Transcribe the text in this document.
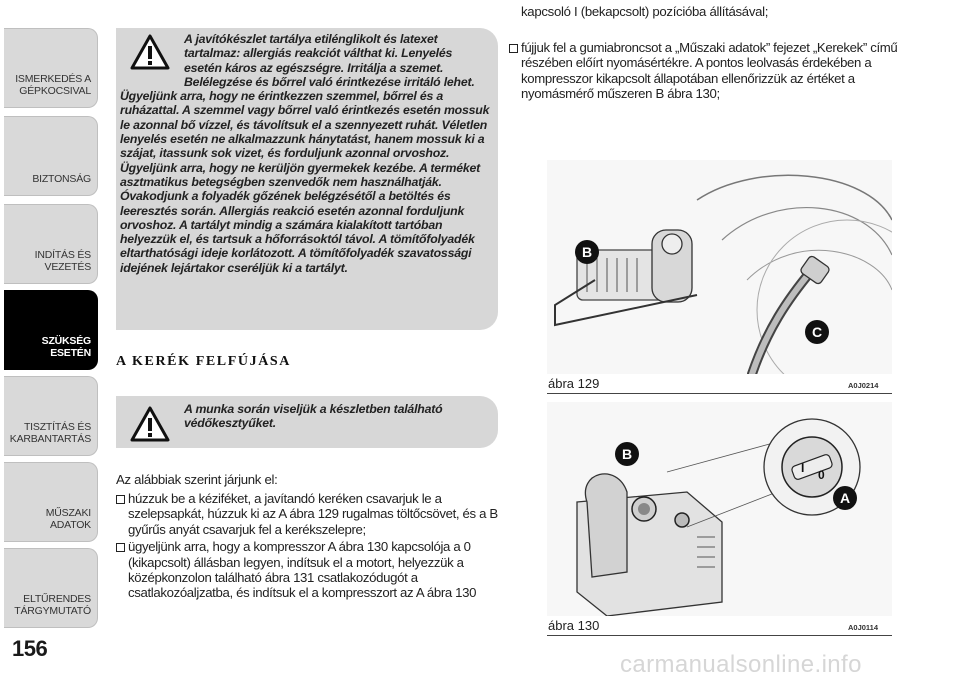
ISMERKEDÉS A
GÉPKOCSIVAL
BIZTONSÁG
INDÍTÁS ÉS VEZETÉS
SZÜKSÉG ESETÉN
TISZTÍTÁS ÉS
KARBANTARTÁS
MŰSZAKI ADATOK
ELTŰRENDES
TÁRGYMUTATÓ
156
A javítókészlet tartálya etilénglikolt és latexet tartalmaz: allergiás reakciót válthat ki. Lenyelés esetén káros az egészségre. Irritálja a szemet. Belélegzése és bőrrel való érintkezése irritáló lehet. Ügyeljünk arra, hogy ne érintkezzen szemmel, bőrrel és a ruházattal. A szemmel vagy bőrrel való érintkezés esetén mossuk le azonnal bő vízzel, és távolítsuk el a szennyezett ruhát. Véletlen lenyelés esetén ne alkalmazzunk hánytatást, hanem mossuk ki a szájat, itassunk sok vizet, és forduljunk azonnal orvoshoz. Ügyeljünk arra, hogy ne kerüljön gyermekek kezébe. A terméket asztmatikus betegségben szenvedők nem használhatják. Óvakodjunk a folyadék gőzének belégzésétől a betöltés és leeresztés során. Allergiás reakció esetén azonnal forduljunk orvoshoz. A tartályt mindig a számára kialakított tartóban helyezzük el, és tartsuk a hőforrásoktól távol. A tömítőfolyadék eltarthatósági ideje korlátozott. A tömítőfolyadék szavatossági idejének lejártakor cseréljük ki a tartályt.
A KERÉK FELFÚJÁSA
A munka során viseljük a készletben található védőkesztyűket.
Az alábbiak szerint járjunk el:
húzzuk be a kéziféket, a javítandó keréken csavarjuk le a szelepsapkát, húzzuk ki az A ábra 129 rugalmas töltőcsövet, és a B gyűrűs anyát csavarjuk fel a kerékszelepre;
ügyeljünk arra, hogy a kompresszor A ábra 130 kapcsolója a 0 (kikapcsolt) állásban legyen, indítsuk el a motort, helyezzük a középkonzolon található ábra 131 csatlakozódugót a csatlakozóaljzatba, és indítsuk el a kompresszort az A ábra 130
kapcsoló I (bekapcsolt) pozícióba állításával;
fújjuk fel a gumiabroncsot a „Műszaki adatok” fejezet „Kerekek” című részében előírt nyomásértékre. A pontos leolvasás érdekében a kompresszor kikapcsolt állapotában ellenőrizzük az értéket a nyomásmérő műszeren B ábra 130;
B
C
ábra 129	A0J0214
I 0
B
A
ábra 130	A0J0114
carmanualsonline.info
